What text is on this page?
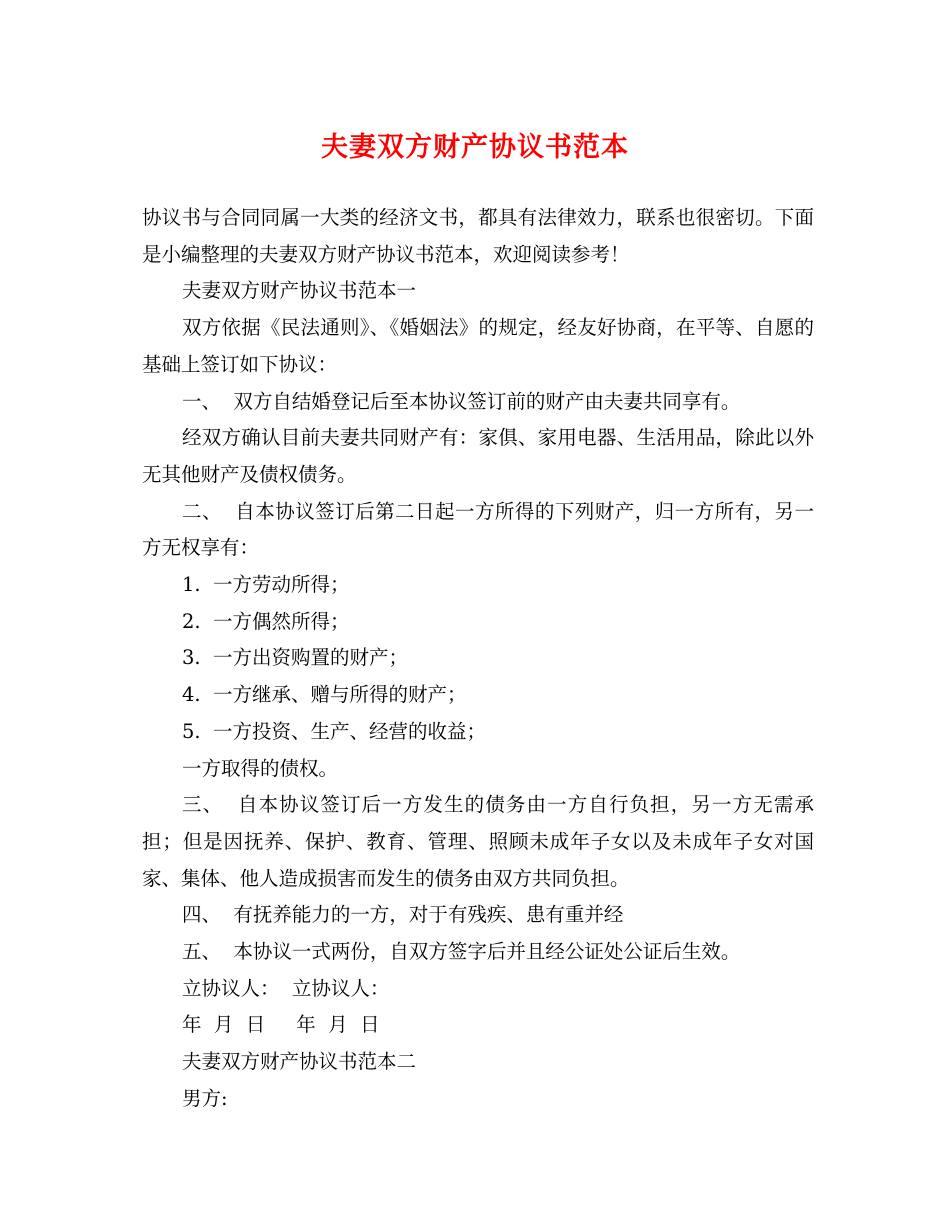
夫妻双方财产协议书范本

协议书与合同同属一大类的经济文书，都具有法律效力，联系也很密切。下面是小编整理的夫妻双方财产协议书范本，欢迎阅读参考！

夫妻双方财产协议书范本一

双方依据《民法通则》、《婚姻法》的规定，经友好协商，在平等、自愿的基础上签订如下协议：

一、  双方自结婚登记后至本协议签订前的财产由夫妻共同享有。

经双方确认目前夫妻共同财产有：家俱、家用电器、生活用品，除此以外无其他财产及债权债务。

二、  自本协议签订后第二日起一方所得的下列财产，归一方所有，另一方无权享有：

1.  一方劳动所得；

2.  一方偶然所得；

3.  一方出资购置的财产；

4.  一方继承、赠与所得的财产；

5.  一方投资、生产、经营的收益；

一方取得的债权。

三、  自本协议签订后一方发生的债务由一方自行负担，另一方无需承担；但是因抚养、保护、教育、管理、照顾未成年子女以及未成年子女对国家、集体、他人造成损害而发生的债务由双方共同负担。

四、  有抚养能力的一方，对于有残疾、患有重并经

五、  本协议一式两份，自双方签字后并且经公证处公证后生效。

立协议人：  立协议人：

年  月  日     年  月  日

夫妻双方财产协议书范本二

男方:
